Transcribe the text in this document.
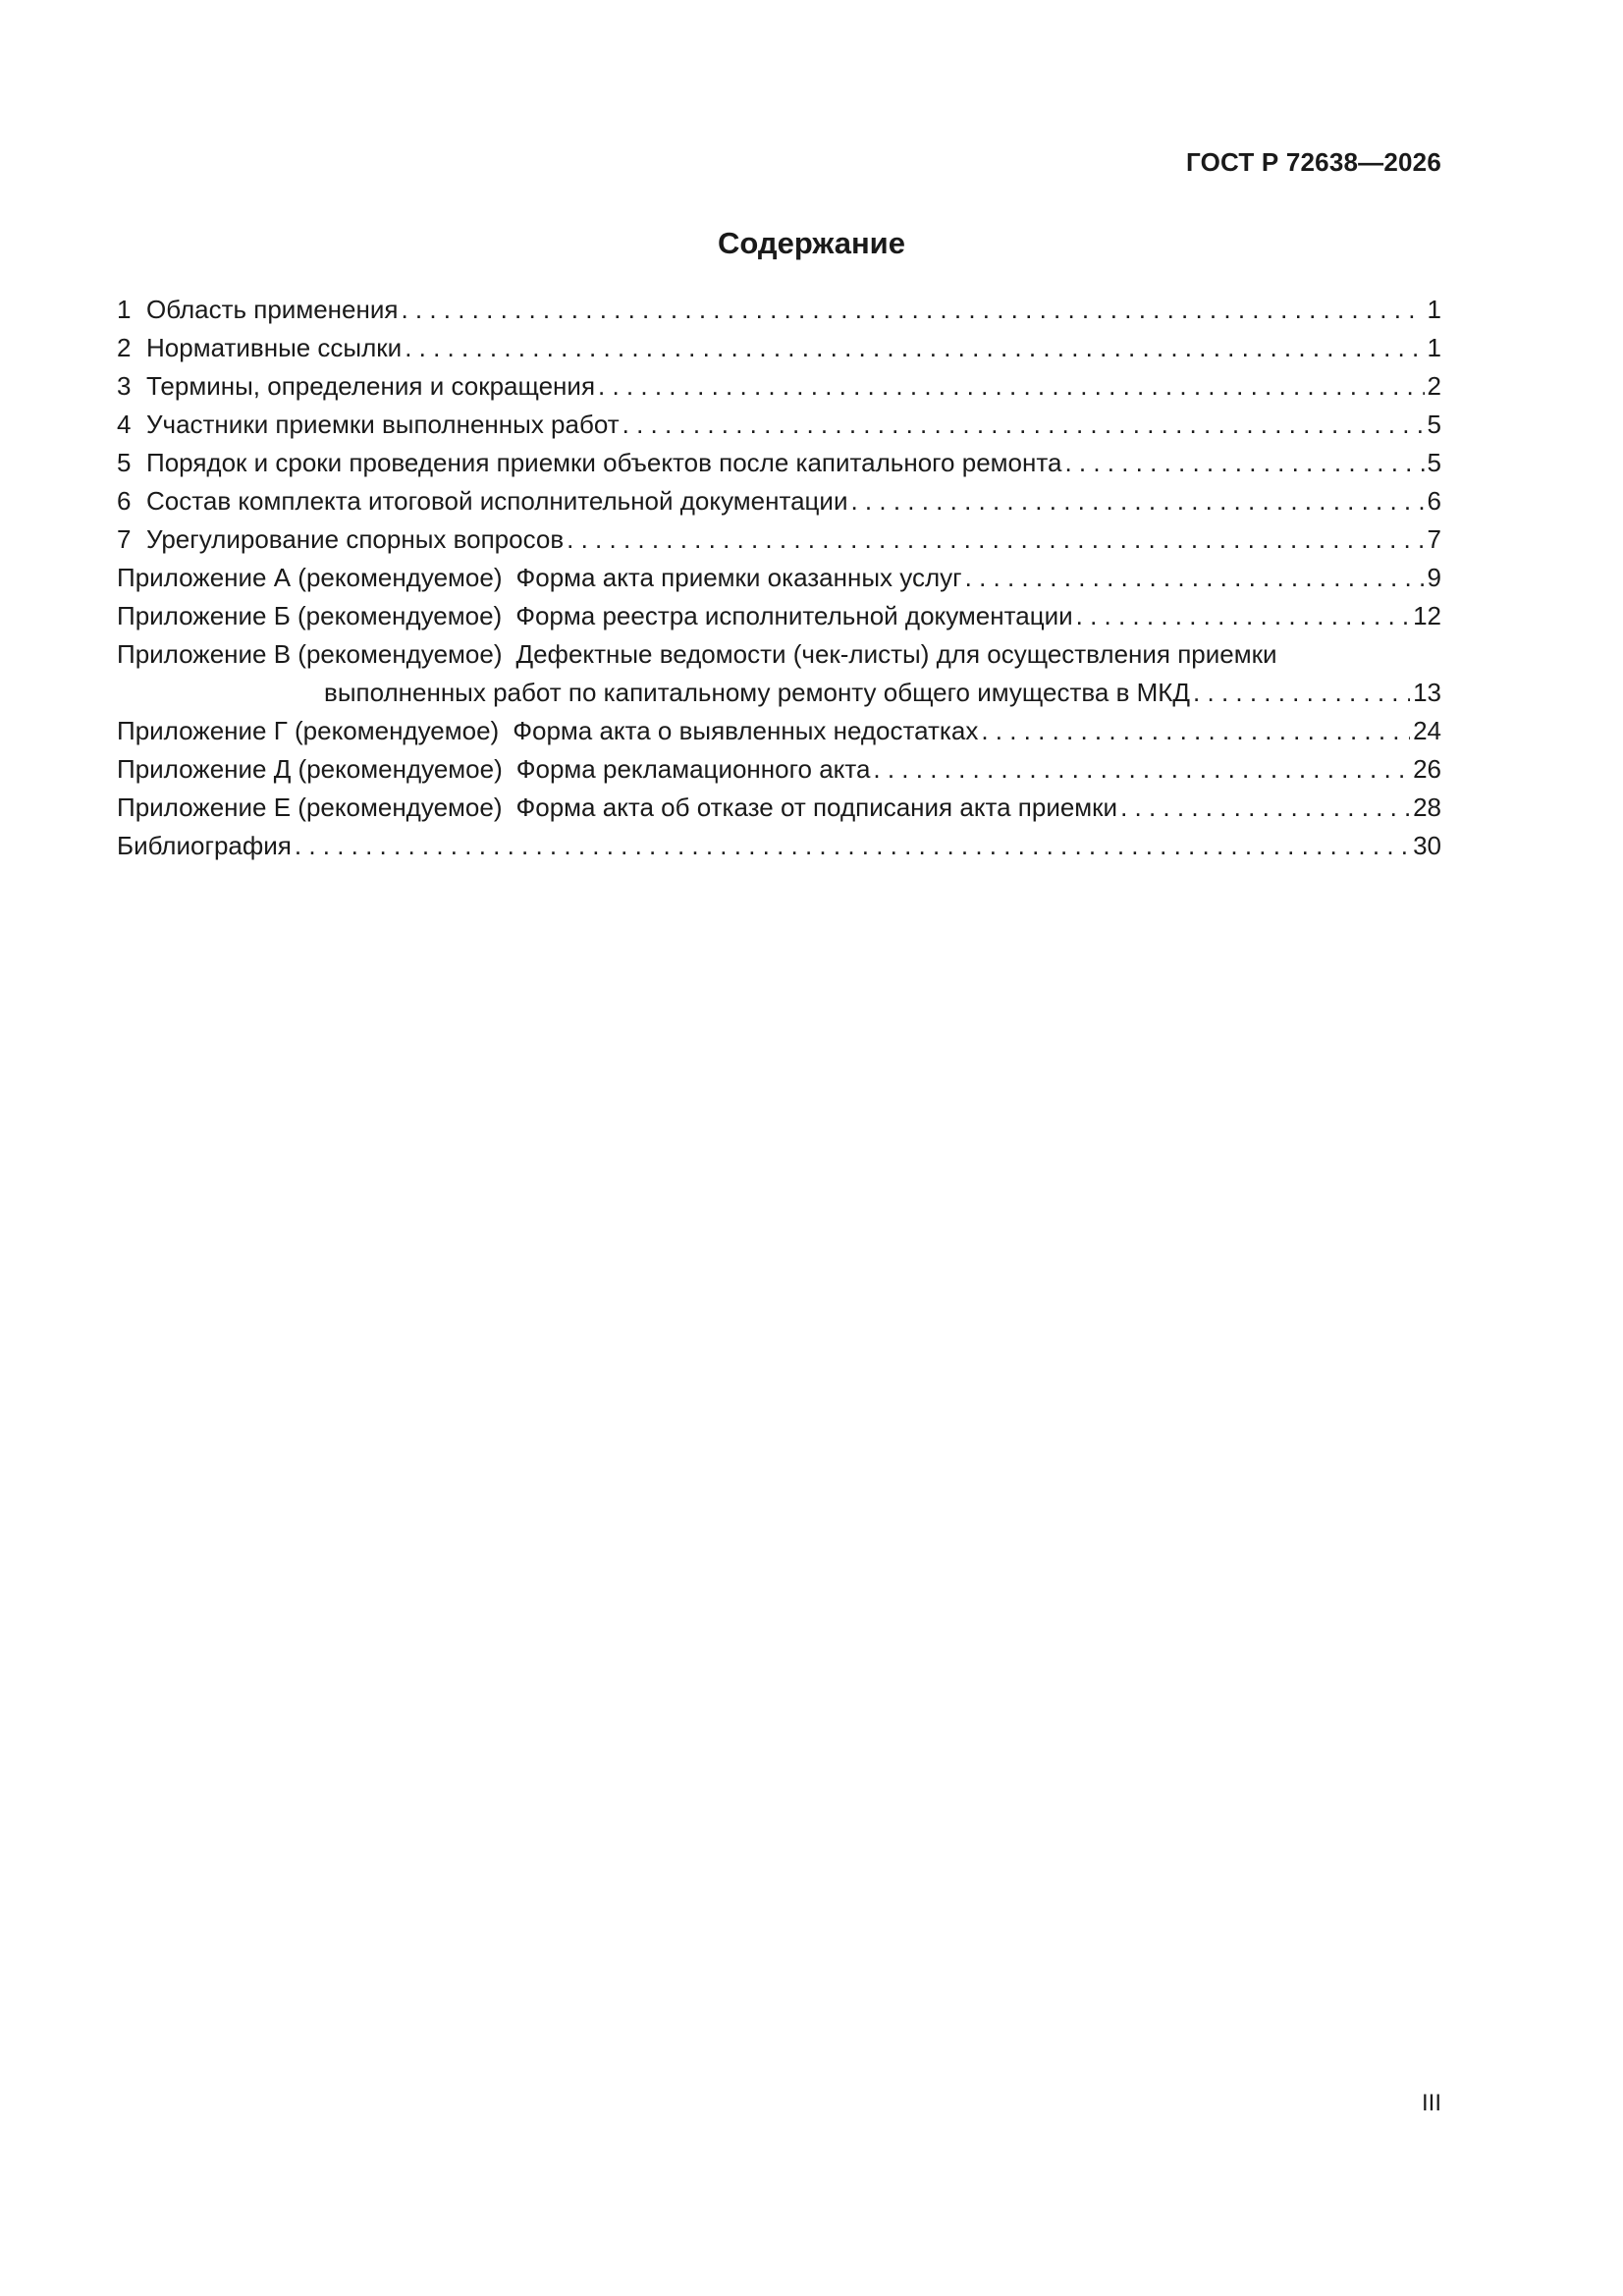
ГОСТ Р 72638—2026
Содержание
1 Область применения . . .	1
2 Нормативные ссылки . . .	1
3 Термины, определения и сокращения . . .	2
4 Участники приемки выполненных работ . . .	5
5 Порядок и сроки проведения приемки объектов после капитального ремонта . . .	5
6 Состав комплекта итоговой исполнительной документации . . .	6
7 Урегулирование спорных вопросов . . .	7
Приложение А (рекомендуемое) Форма акта приемки оказанных услуг . . .	9
Приложение Б (рекомендуемое) Форма реестра исполнительной документации . . .	12
Приложение В (рекомендуемое) Дефектные ведомости (чек-листы) для осуществления приемки
выполненных работ по капитальному ремонту общего имущества в МКД . . .	13
Приложение Г (рекомендуемое) Форма акта о выявленных недостатках . . .	24
Приложение Д (рекомендуемое) Форма рекламационного акта . . .	26
Приложение Е (рекомендуемое) Форма акта об отказе от подписания акта приемки . . .	28
Библиография . . .	30
III
